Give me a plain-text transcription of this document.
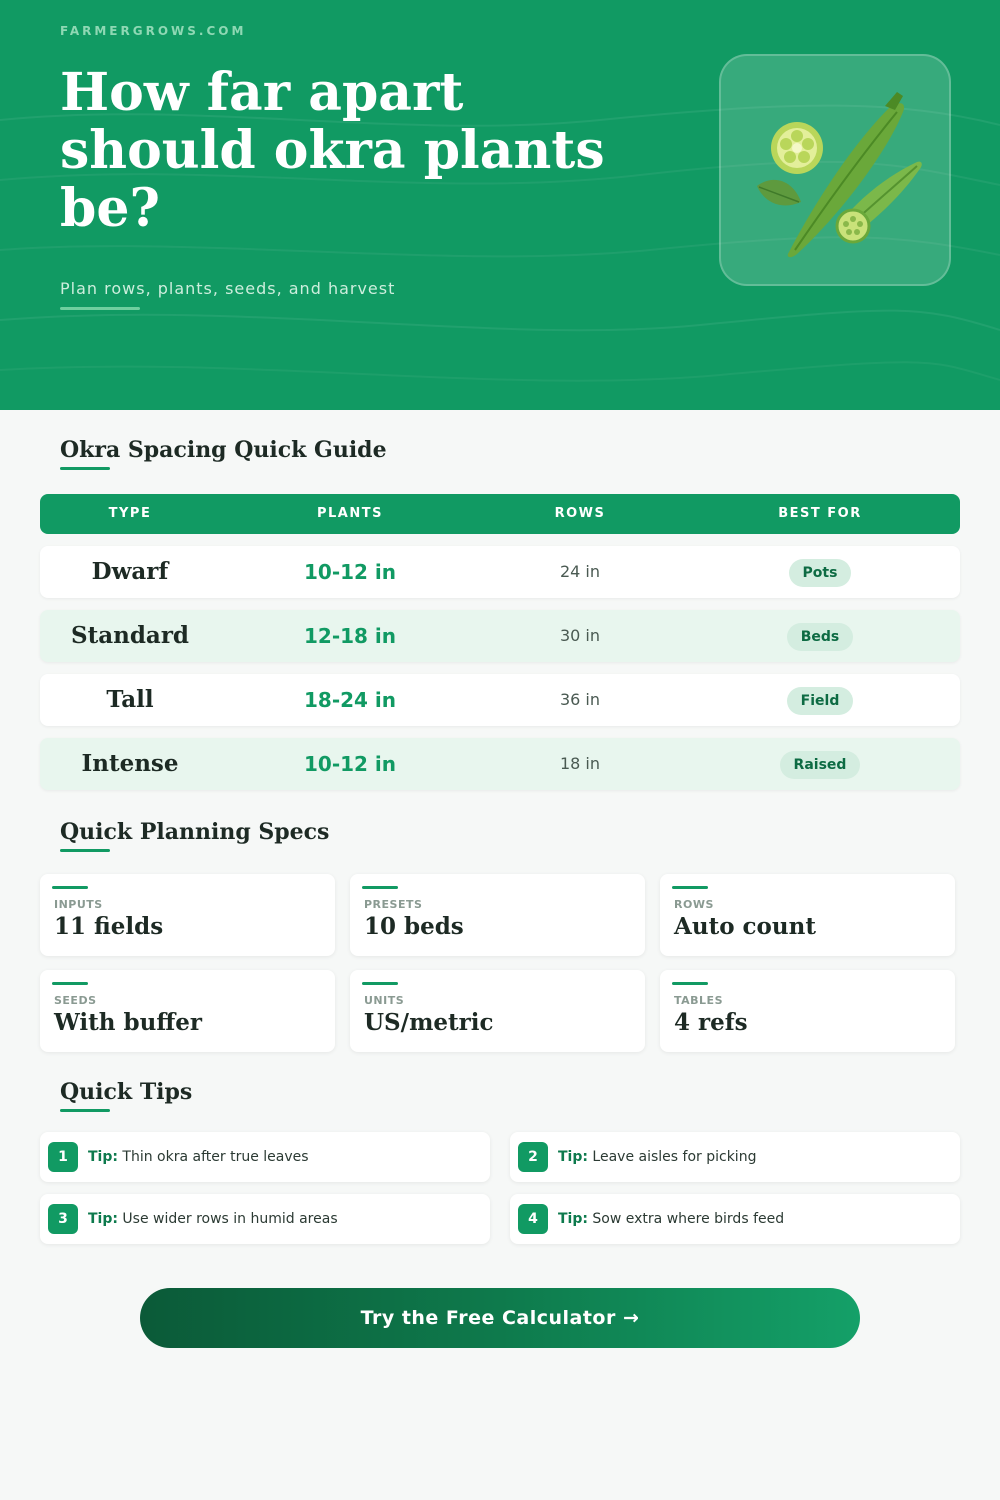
FARMERGROWS.COM
How far apart should okra plants be?
Plan rows, plants, seeds, and harvest
Okra Spacing Quick Guide
TYPE	PLANTS	ROWS	BEST FOR
Dwarf	10-12 in	24 in	Pots
Standard	12-18 in	30 in	Beds
Tall	18-24 in	36 in	Field
Intense	10-12 in	18 in	Raised
Quick Planning Specs
INPUTS
11 fields
PRESETS
10 beds
ROWS
Auto count
SEEDS
With buffer
UNITS
US/metric
TABLES
4 refs
Quick Tips
1	Tip: Thin okra after true leaves	2	Tip: Leave aisles for picking
3	Tip: Use wider rows in humid areas	4	Tip: Sow extra where birds feed
Try the Free Calculator →
